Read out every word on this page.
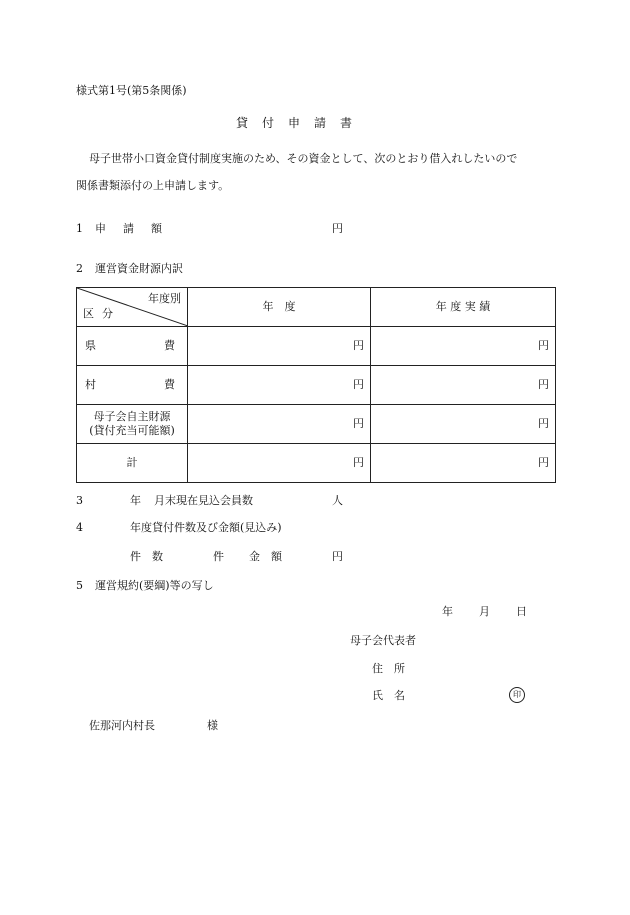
様式第1号(第5条関係)
貸　付　申　請　書
母子世帯小口資金貸付制度実施のため、その資金として、次のとおり借入れしたいので
関係書類添付の上申請します。
1 申　請　額	円
2 運営資金財源内訳
年度別
区分	年　度	年 度 実 績

県 費	円	円

村 費	円	円

母子会自主財源
(貸付充当可能額)	円	円
計	円	円
3	年 月末現在見込会員数	人
4	年度貸付件数及び金額(見込み)
件　数	件 金　額	円
5 運営規約(要綱)等の写し
年 月 日
母子会代表者
住　所
氏　名	印
佐那河内村長	様
